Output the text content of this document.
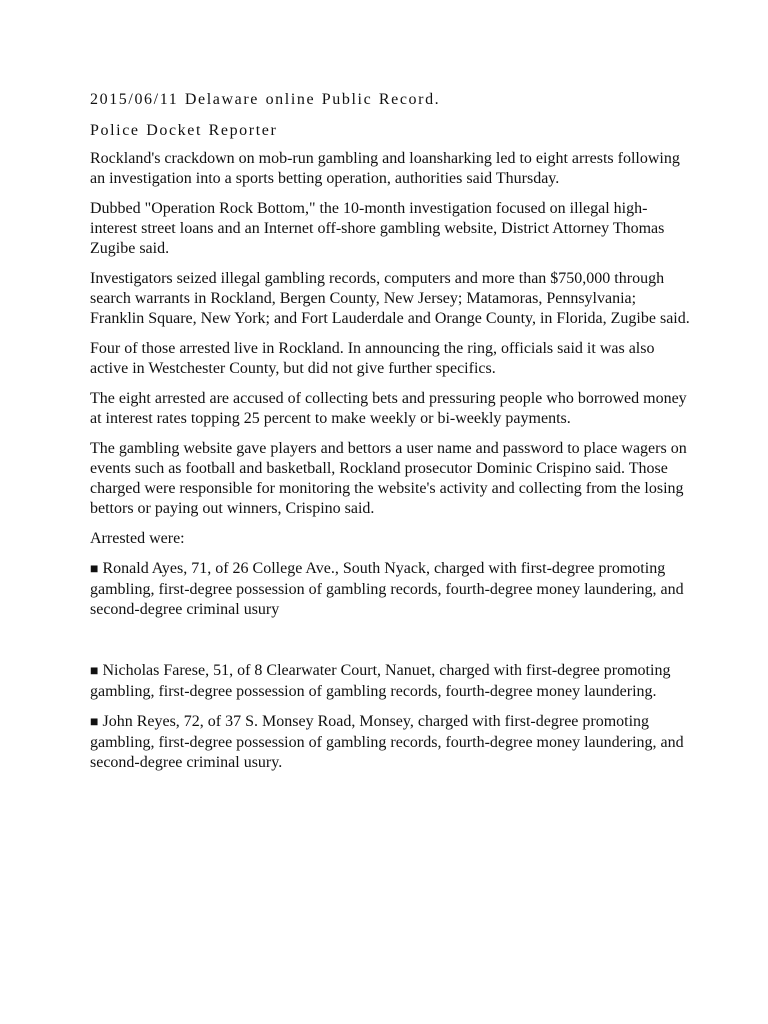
2015/06/11 Delaware online Public Record.
Police Docket Reporter

Rockland's crackdown on mob-run gambling and loansharking led to eight arrests following an investigation into a sports betting operation, authorities said Thursday.

Dubbed "Operation Rock Bottom," the 10-month investigation focused on illegal high-interest street loans and an Internet off-shore gambling website, District Attorney Thomas Zugibe said.

Investigators seized illegal gambling records, computers and more than $750,000 through search warrants in Rockland, Bergen County, New Jersey; Matamoras, Pennsylvania; Franklin Square, New York; and Fort Lauderdale and Orange County, in Florida, Zugibe said.

Four of those arrested live in Rockland. In announcing the ring, officials said it was also active in Westchester County, but did not give further specifics.

The eight arrested are accused of collecting bets and pressuring people who borrowed money at interest rates topping 25 percent to make weekly or bi-weekly payments.

The gambling website gave players and bettors a user name and password to place wagers on events such as football and basketball, Rockland prosecutor Dominic Crispino said. Those charged were responsible for monitoring the website's activity and collecting from the losing bettors or paying out winners, Crispino said.

Arrested were:

■ Ronald Ayes, 71, of 26 College Ave., South Nyack, charged with first-degree promoting gambling, first-degree possession of gambling records, fourth-degree money laundering, and second-degree criminal usury

■ Nicholas Farese, 51, of 8 Clearwater Court, Nanuet, charged with first-degree promoting gambling, first-degree possession of gambling records, fourth-degree money laundering.

■ John Reyes, 72, of 37 S. Monsey Road, Monsey, charged with first-degree promoting gambling, first-degree possession of gambling records, fourth-degree money laundering, and second-degree criminal usury.
